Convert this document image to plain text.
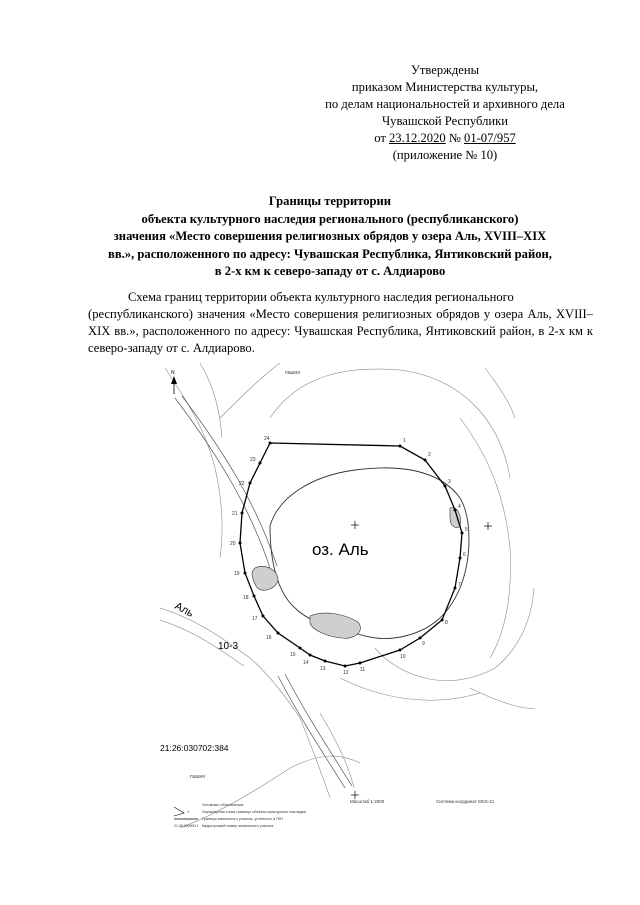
Утверждены
приказом Министерства культуры,
по делам национальностей и архивного дела
Чувашской Республики
от 23.12.2020 № 01-07/957
(приложение № 10)
Границы территории
объекта культурного наследия регионального (республиканского)
значения «Место совершения религиозных обрядов у озера Аль, XVIII–XIX
вв.», расположенного по адресу: Чувашская Республика, Янтиковский район,
в 2-х км к северо-западу от с. Алдиарово
Схема границ территории объекта культурного наследия регионального (республиканского) значения «Место совершения религиозных обрядов у озера Аль, XVIII–XIX вв.», расположенного по адресу: Чувашская Республика, Янтиковский район, в 2-х км к северо-западу от с. Алдиарово.
1
2
3
4
5
6
7
8
9
10
11
12
13
14
15
16
17
18
19
20
21
22
23
24
N
оз. Аль
Аль
10-3
21:26:030702:384
пашня
пашня
Масштаб 1:2000	Система координат МСК-21
Условные обозначения:
Характерная точка границы объекта культурного наследия
Граница земельного участка, учтенного в ГКН
Кадастровый номер земельного участка
1
21:26:000000:1
